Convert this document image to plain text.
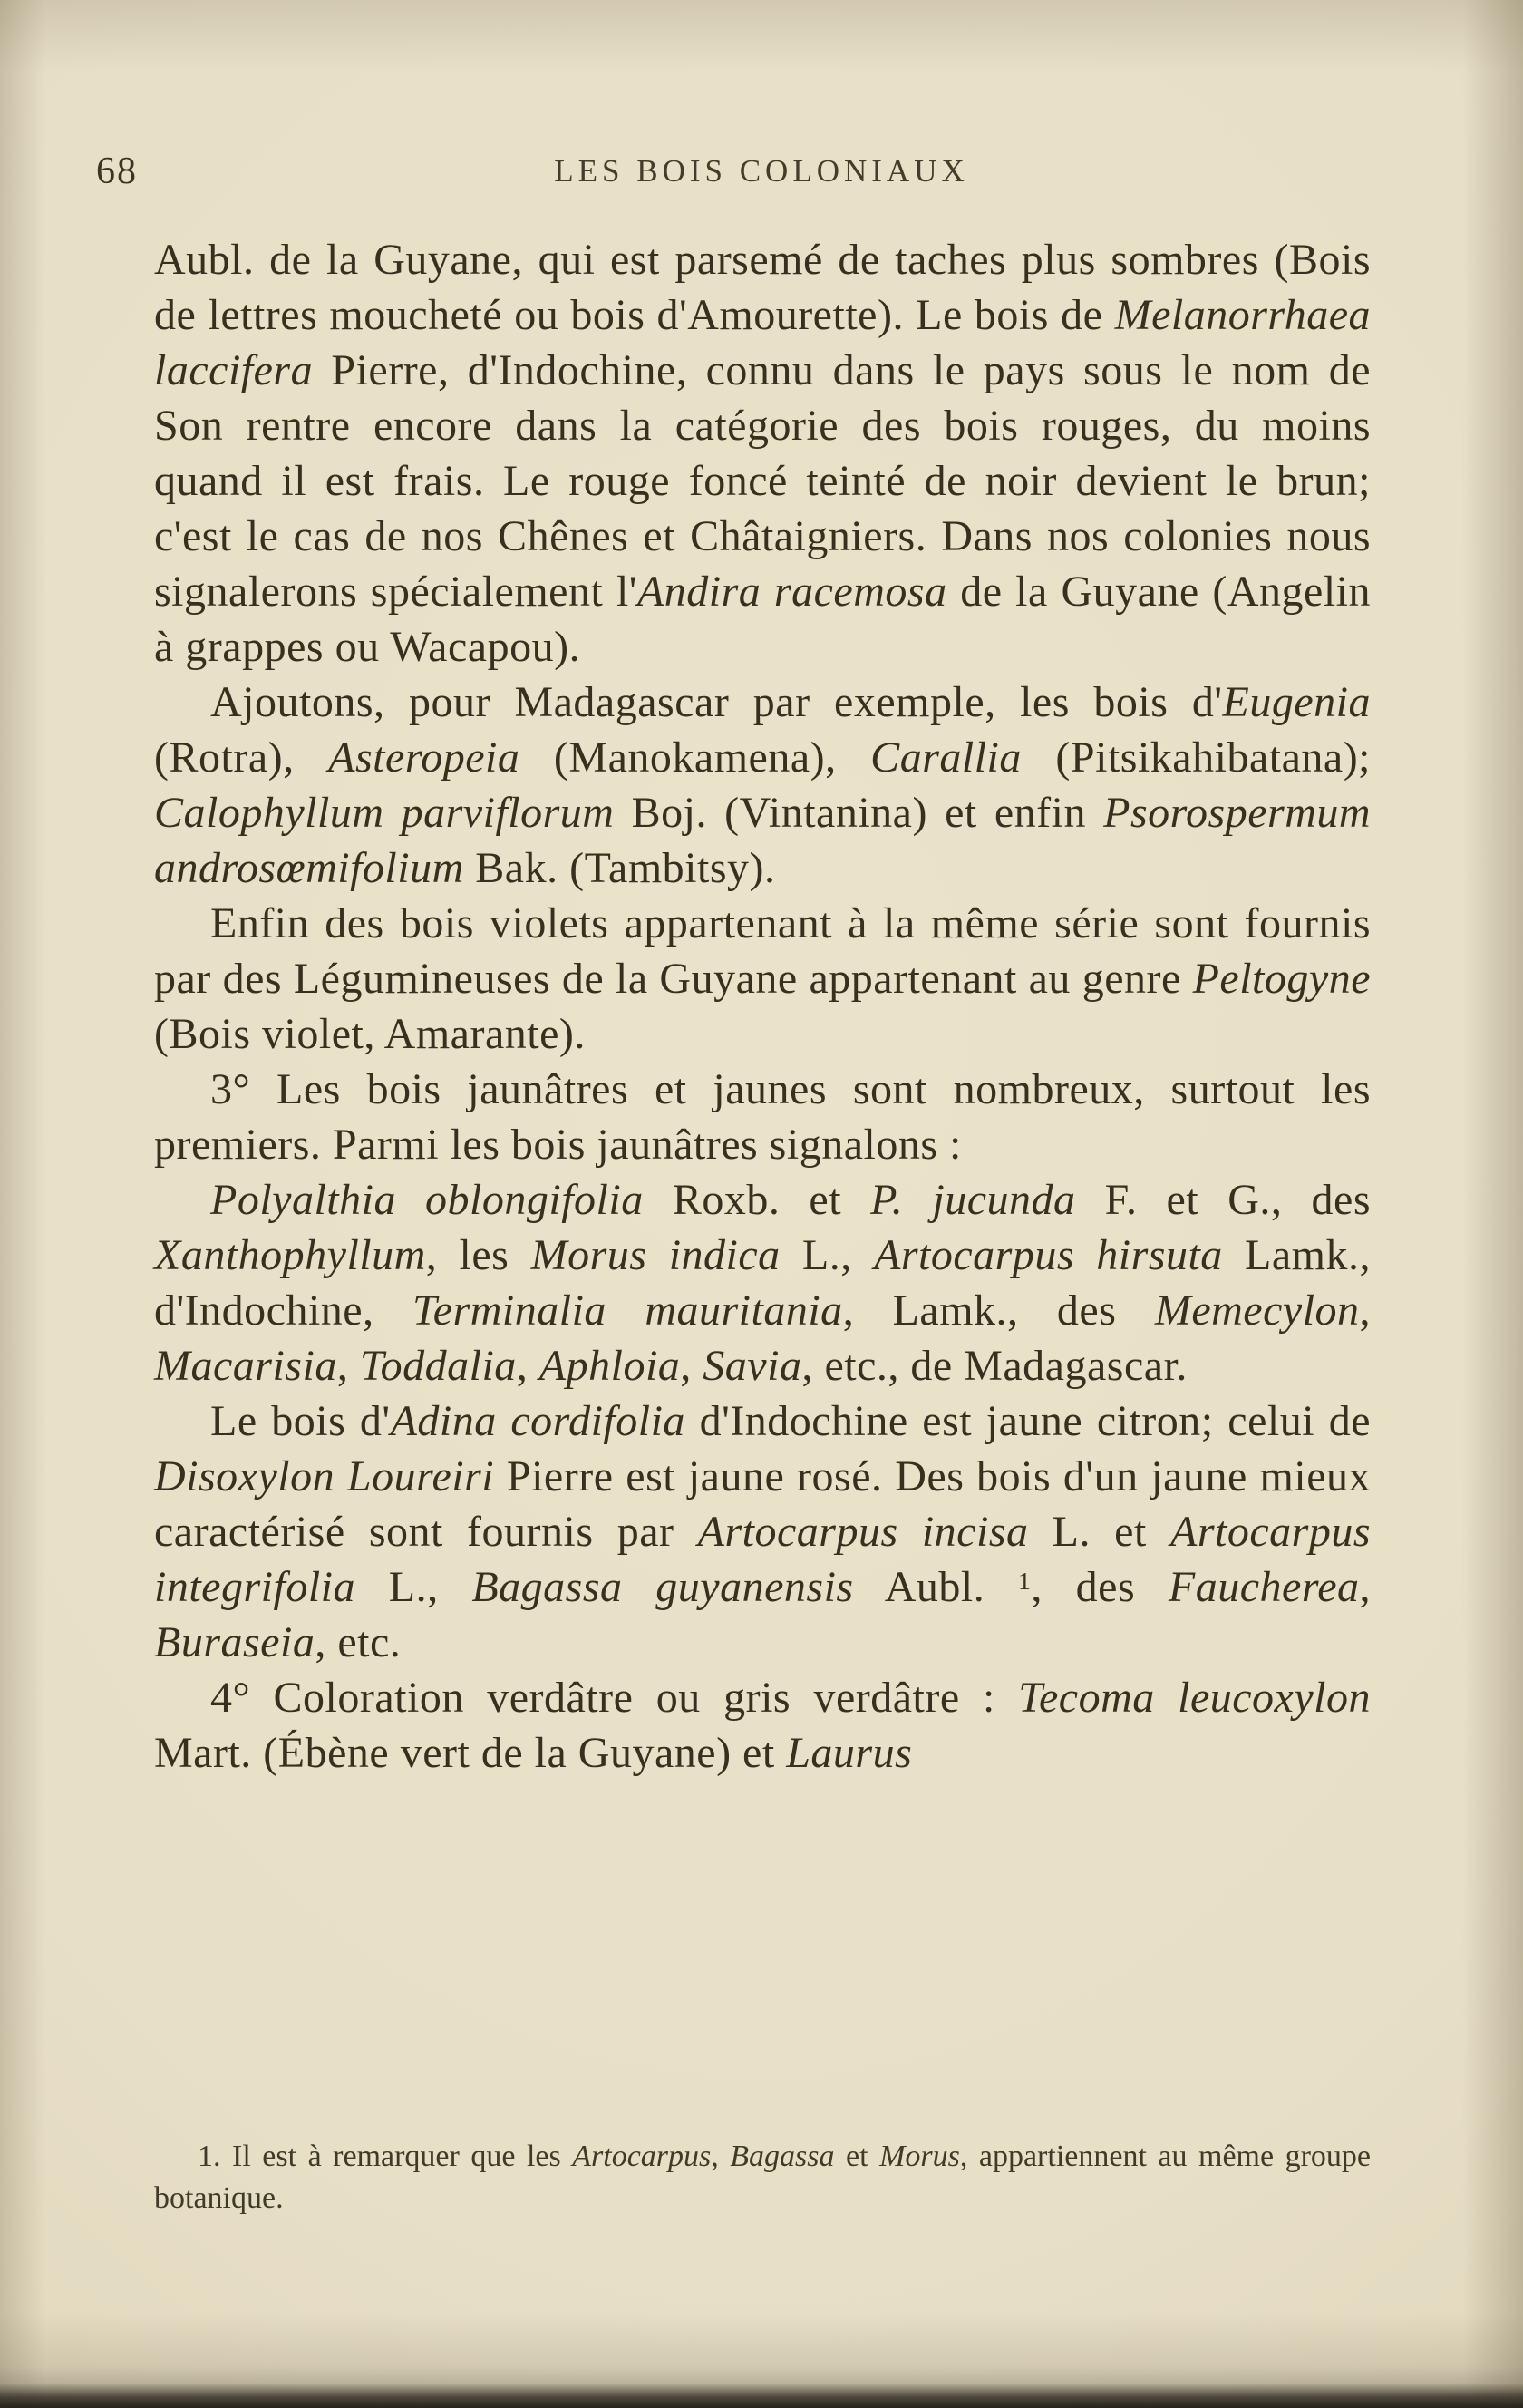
68	LES BOIS COLONIAUX

Aubl. de la Guyane, qui est parsemé de taches plus sombres (Bois de lettres moucheté ou bois d'Amourette). Le bois de Melanorrhaea laccifera Pierre, d'Indochine, connu dans le pays sous le nom de Son rentre encore dans la catégorie des bois rouges, du moins quand il est frais. Le rouge foncé teinté de noir devient le brun; c'est le cas de nos Chênes et Châtaigniers. Dans nos colonies nous signalerons spécialement l'Andira racemosa de la Guyane (Angelin à grappes ou Wacapou).

Ajoutons, pour Madagascar par exemple, les bois d'Eugenia (Rotra), Asteropeia (Manokamena), Carallia (Pitsikahibatana); Calophyllum parviflorum Boj. (Vintanina) et enfin Psorospermum androsœmifolium Bak. (Tambitsy).

Enfin des bois violets appartenant à la même série sont fournis par des Légumineuses de la Guyane appartenant au genre Peltogyne (Bois violet, Amarante).

3° Les bois jaunâtres et jaunes sont nombreux, surtout les premiers. Parmi les bois jaunâtres signalons :

Polyalthia oblongifolia Roxb. et P. jucunda F. et G., des Xanthophyllum, les Morus indica L., Artocarpus hirsuta Lamk., d'Indochine, Terminalia mauritania, Lamk., des Memecylon, Macarisia, Toddalia, Aphloia, Savia, etc., de Madagascar.

Le bois d'Adina cordifolia d'Indochine est jaune citron; celui de Disoxylon Loureiri Pierre est jaune rosé. Des bois d'un jaune mieux caractérisé sont fournis par Artocarpus incisa L. et Artocarpus integrifolia L., Bagassa guyanensis Aubl. $^1$, des Faucherea, Buraseia, etc.

4° Coloration verdâtre ou gris verdâtre : Tecoma leucoxylon Mart. (Ébène vert de la Guyane) et Laurus

1. Il est à remarquer que les Artocarpus, Bagassa et Morus, appartiennent au même groupe botanique.
